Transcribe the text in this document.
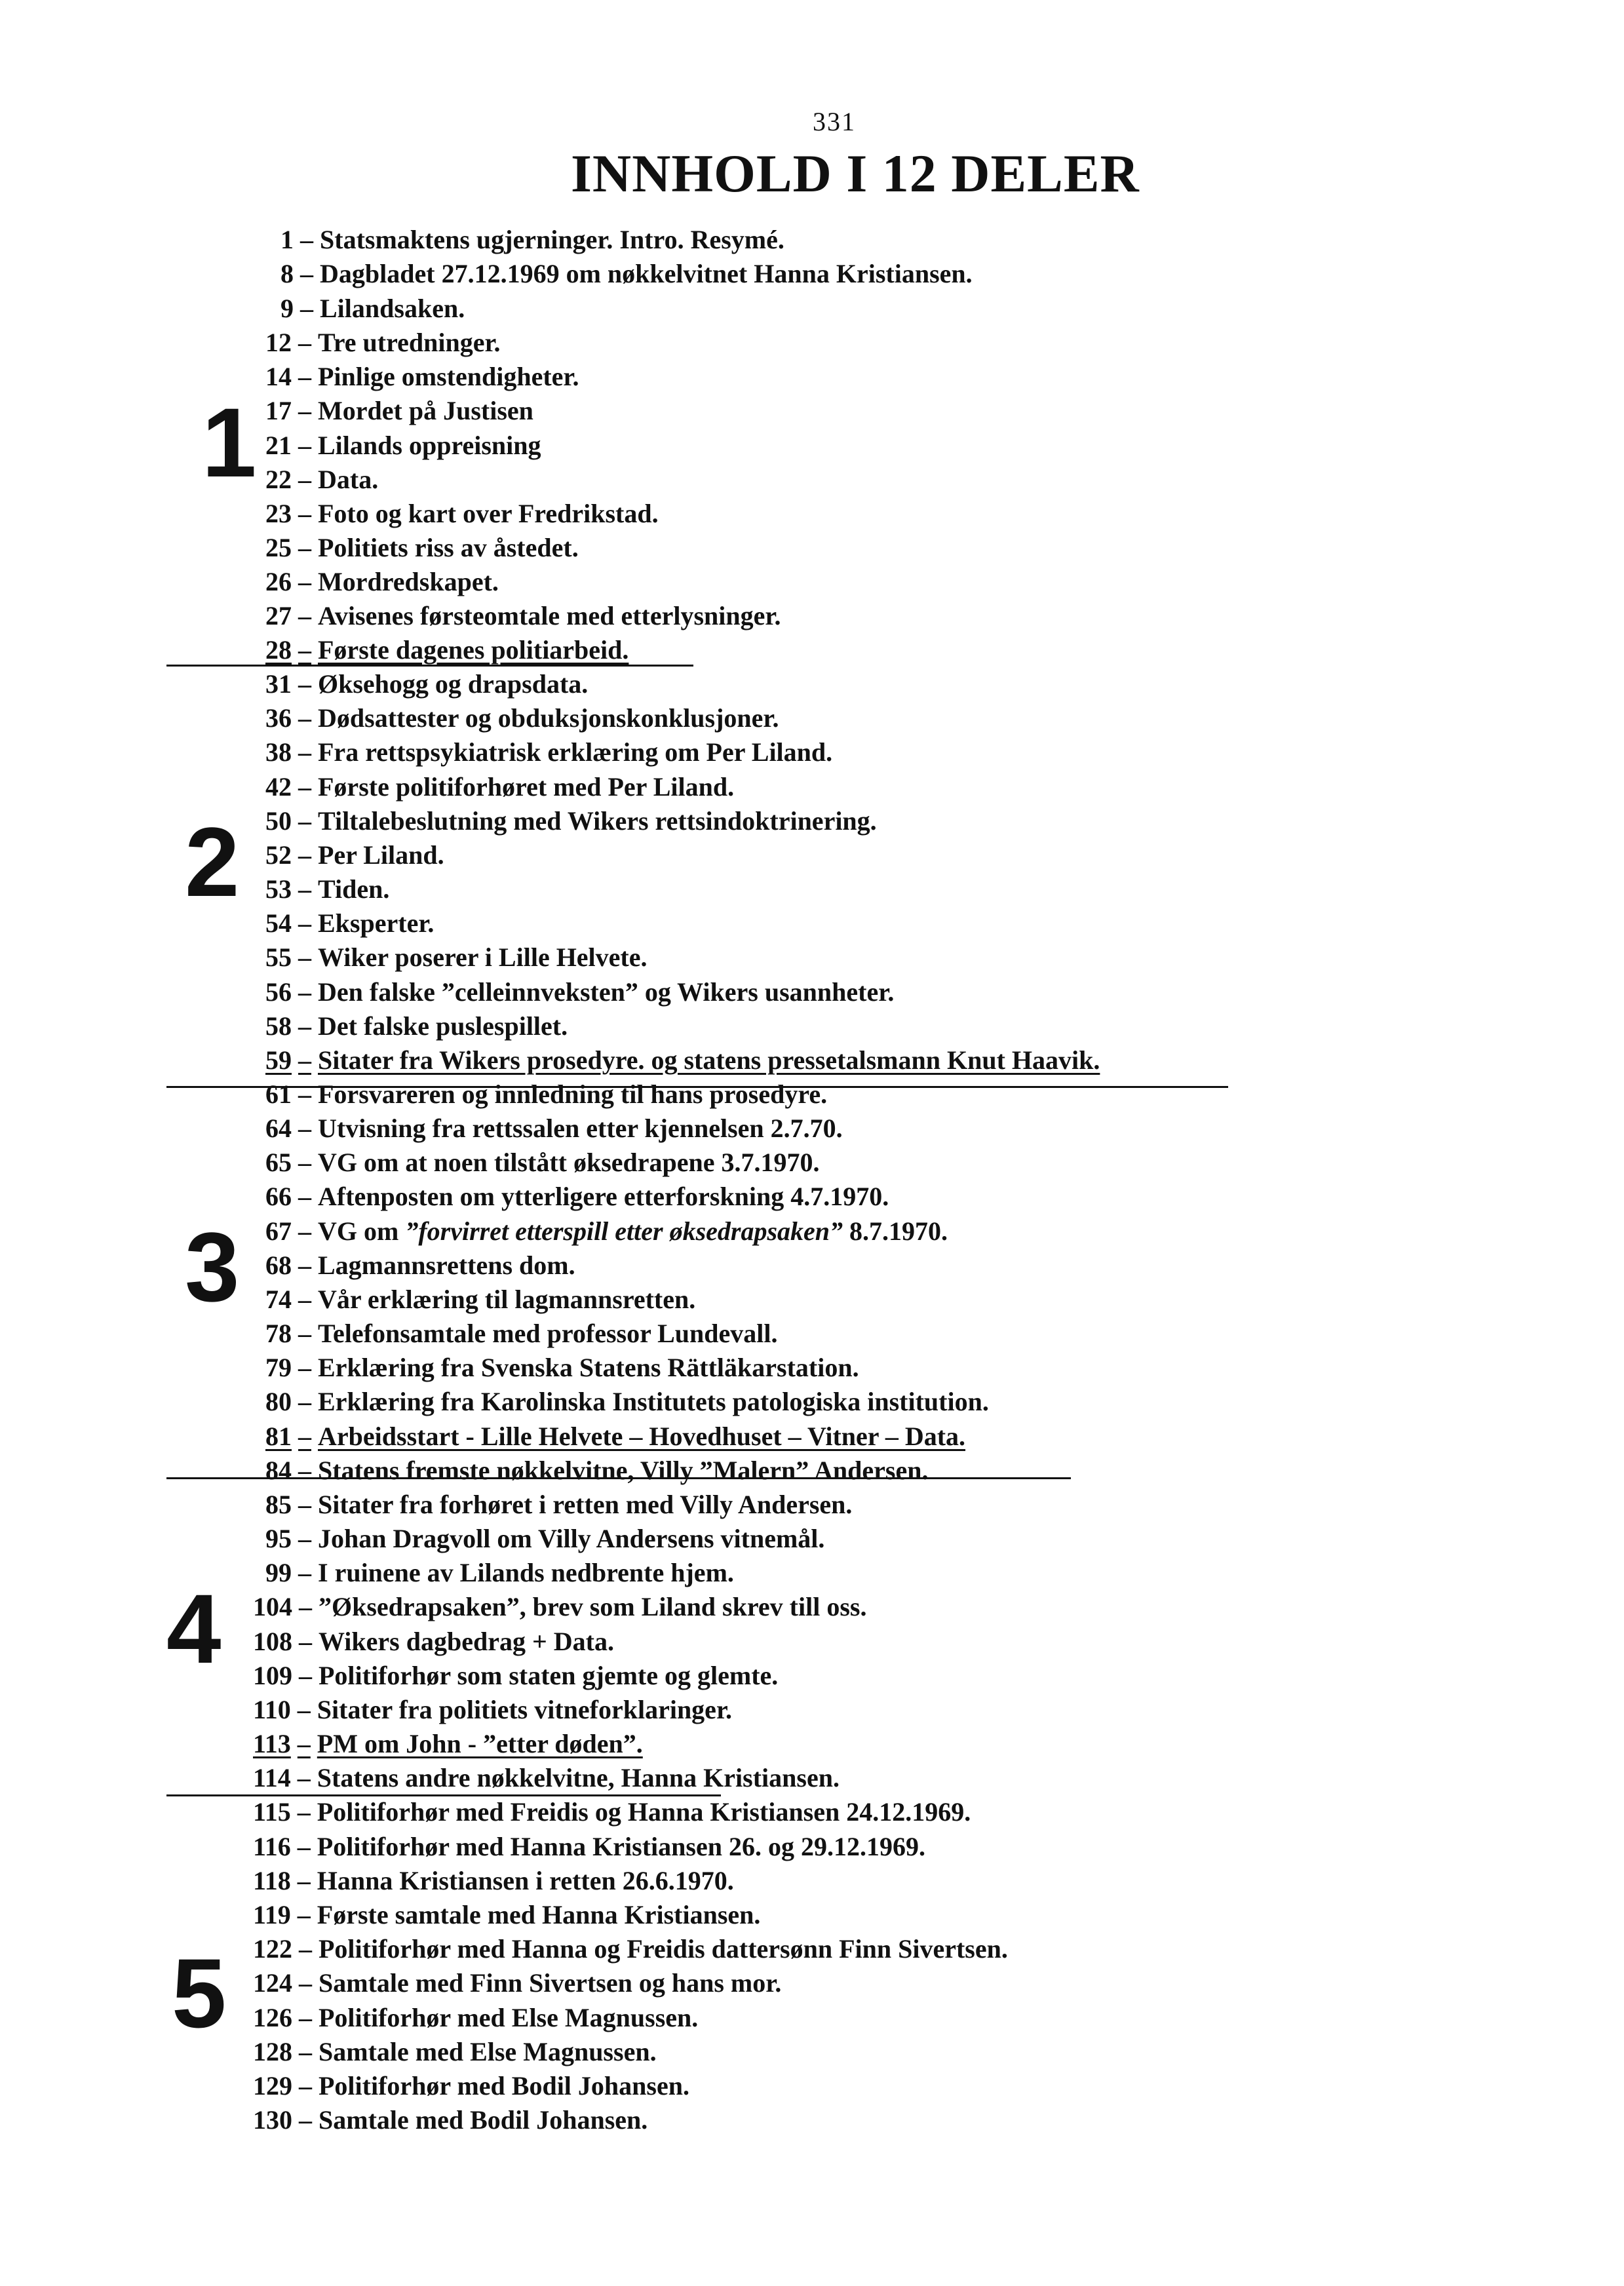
331
INNHOLD I 12 DELER
1
2
3
4
5
1 – Statsmaktens ugjerninger. Intro. Resymé.
8 – Dagbladet 27.12.1969 om nøkkelvitnet Hanna Kristiansen.
9 – Lilandsaken.
12 – Tre utredninger.
14 – Pinlige omstendigheter.
17 – Mordet på Justisen
21 – Lilands oppreisning
22 – Data.
23 – Foto og kart over Fredrikstad.
25 – Politiets riss av åstedet.
26 – Mordredskapet.
27 – Avisenes førsteomtale med etterlysninger.
28 – Første dagenes politiarbeid.
31 – Øksehogg og drapsdata.
36 – Dødsattester og obduksjonskonklusjoner.
38 – Fra rettspsykiatrisk erklæring om Per Liland.
42 – Første politiforhøret med Per Liland.
50 – Tiltalebeslutning med Wikers rettsindoktrinering.
52 – Per Liland.
53 – Tiden.
54 – Eksperter.
55 – Wiker poserer i Lille Helvete.
56 – Den falske ”celleinnveksten” og Wikers usannheter.
58 – Det falske puslespillet.
59 – Sitater fra Wikers prosedyre. og statens pressetalsmann Knut Haavik.
61 – Forsvareren og innledning til hans prosedyre.
64 – Utvisning fra rettssalen etter kjennelsen 2.7.70.
65 – VG om at noen tilstått øksedrapene 3.7.1970.
66 – Aftenposten om ytterligere etterforskning 4.7.1970.
67 – VG om ”forvirret etterspill etter øksedrapsaken” 8.7.1970.
68 – Lagmannsrettens dom.
74 – Vår erklæring til lagmannsretten.
78 – Telefonsamtale med professor Lundevall.
79 – Erklæring fra Svenska Statens Rättläkarstation.
80 – Erklæring fra Karolinska Institutets patologiska institution.
81 – Arbeidsstart - Lille Helvete – Hovedhuset – Vitner – Data.
84 – Statens fremste nøkkelvitne, Villy ”Malern” Andersen.
85 – Sitater fra forhøret i retten med Villy Andersen.
95 – Johan Dragvoll om Villy Andersens vitnemål.
99 – I ruinene av Lilands nedbrente hjem.
104 – ”Øksedrapsaken”, brev som Liland skrev till oss.
108 – Wikers dagbedrag + Data.
109 – Politiforhør som staten gjemte og glemte.
110 – Sitater fra politiets vitneforklaringer.
113 – PM om John - ”etter døden”.
114 – Statens andre nøkkelvitne, Hanna Kristiansen.
115 – Politiforhør med Freidis og Hanna Kristiansen 24.12.1969.
116 – Politiforhør med Hanna Kristiansen 26. og 29.12.1969.
118 – Hanna Kristiansen i retten 26.6.1970.
119 – Første samtale med Hanna Kristiansen.
122 – Politiforhør med Hanna og Freidis dattersønn Finn Sivertsen.
124 – Samtale med Finn Sivertsen og hans mor.
126 – Politiforhør med Else Magnussen.
128 – Samtale med Else Magnussen.
129 – Politiforhør med Bodil Johansen.
130 – Samtale med Bodil Johansen.
